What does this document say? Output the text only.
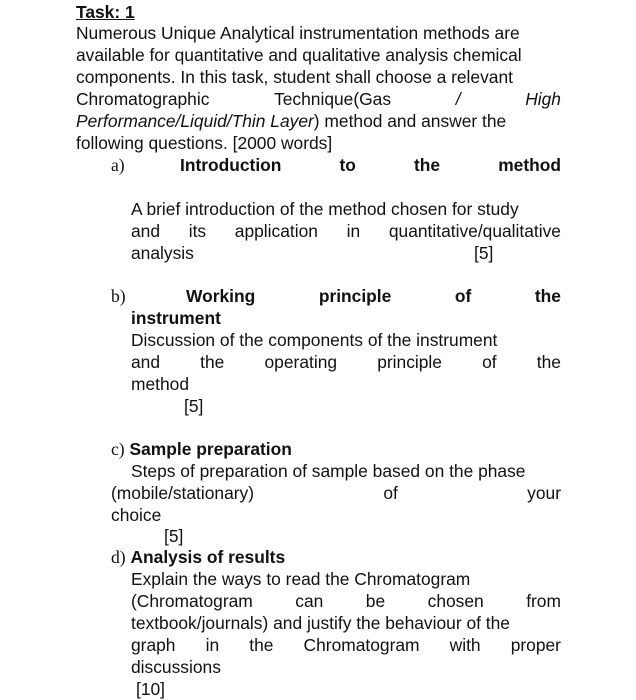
Task: 1
Numerous Unique Analytical instrumentation methods are
available for quantitative and qualitative analysis chemical
components. In this task, student shall choose a relevant
Chromatographic	Technique(Gas	/	High
Performance/Liquid/Thin Layer) method and answer the
following questions. [2000 words]
a)	Introduction	to	the	method
A brief introduction of the method chosen for study
and its application in quantitative/qualitative
analysis	[5]
b)	Working	principle	of	the
instrument
Discussion of the components of the instrument
and the operating principle of the
method
[5]
c) Sample preparation
Steps of preparation of sample based on the phase
(mobile/stationary)	of	your
choice
[5]
d) Analysis of results
Explain the ways to read the Chromatogram
(Chromatogram can be chosen from
textbook/journals) and justify the behaviour of the
graph in the Chromatogram with proper
discussions
[10]
